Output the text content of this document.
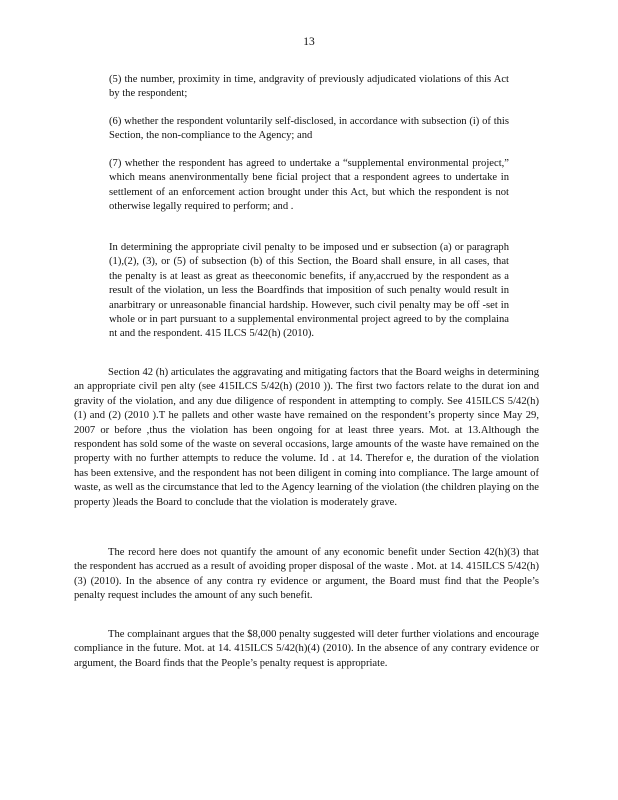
13

(5) the number, proximity in time, andgravity of previously adjudicated violations of this Act by the respondent;

(6) whether the respondent voluntarily self-disclosed, in accordance with subsection (i) of this Section, the non-compliance to the Agency; and

(7) whether the respondent has agreed to undertake a “supplemental environmental project,” which means anenvironmentally bene ficial project that a respondent agrees to undertake in settlement of an enforcement action brought under this Act, but which the respondent is not otherwise legally required to perform; and .

In determining the appropriate civil penalty to be imposed und er subsection (a) or paragraph (1),(2), (3), or (5) of subsection (b) of this Section, the Board shall ensure, in all cases, that the penalty is at least as great as theeconomic benefits, if any,accrued by the respondent as a result of the violation, un less the Boardfinds that imposition of such penalty would result in anarbitrary or unreasonable financial hardship. However, such civil penalty may be off -set in whole or in part pursuant to a supplemental environmental project agreed to by the complaina nt and the respondent. 415 ILCS 5/42(h) (2010).

Section 42 (h) articulates the aggravating and mitigating factors that the Board weighs in determining an appropriate civil pen alty (see 415ILCS 5/42(h) (2010 )). The first two factors relate to the durat ion and gravity of the violation, and any due diligence of respondent in attempting to comply. See 415ILCS 5/42(h)(1) and (2) (2010 ).T he pallets and other waste have remained on the respondent’s property since May 29, 2007 or before ,thus the violation has been ongoing for at least three years. Mot. at 13.Although the respondent has sold some of the waste on several occasions, large amounts of the waste have remained on the property with no further attempts to reduce the volume. Id . at 14. Therefor e, the duration of the violation has been extensive, and the respondent has not been diligent in coming into compliance. The large amount of waste, as well as the circumstance that led to the Agency learning of the violation (the children playing on the property )leads the Board to conclude that the violation is moderately grave.

The record here does not quantify the amount of any economic benefit under Section 42(h)(3) that the respondent has accrued as a result of avoiding proper disposal of the waste . Mot. at 14. 415ILCS 5/42(h)(3) (2010). In the absence of any contra ry evidence or argument, the Board must find that the People’s penalty request includes the amount of any such benefit.

The complainant argues that the $8,000 penalty suggested will deter further violations and encourage compliance in the future. Mot. at 14. 415ILCS 5/42(h)(4) (2010). In the absence of any contrary evidence or argument, the Board finds that the People’s penalty request is appropriate.
